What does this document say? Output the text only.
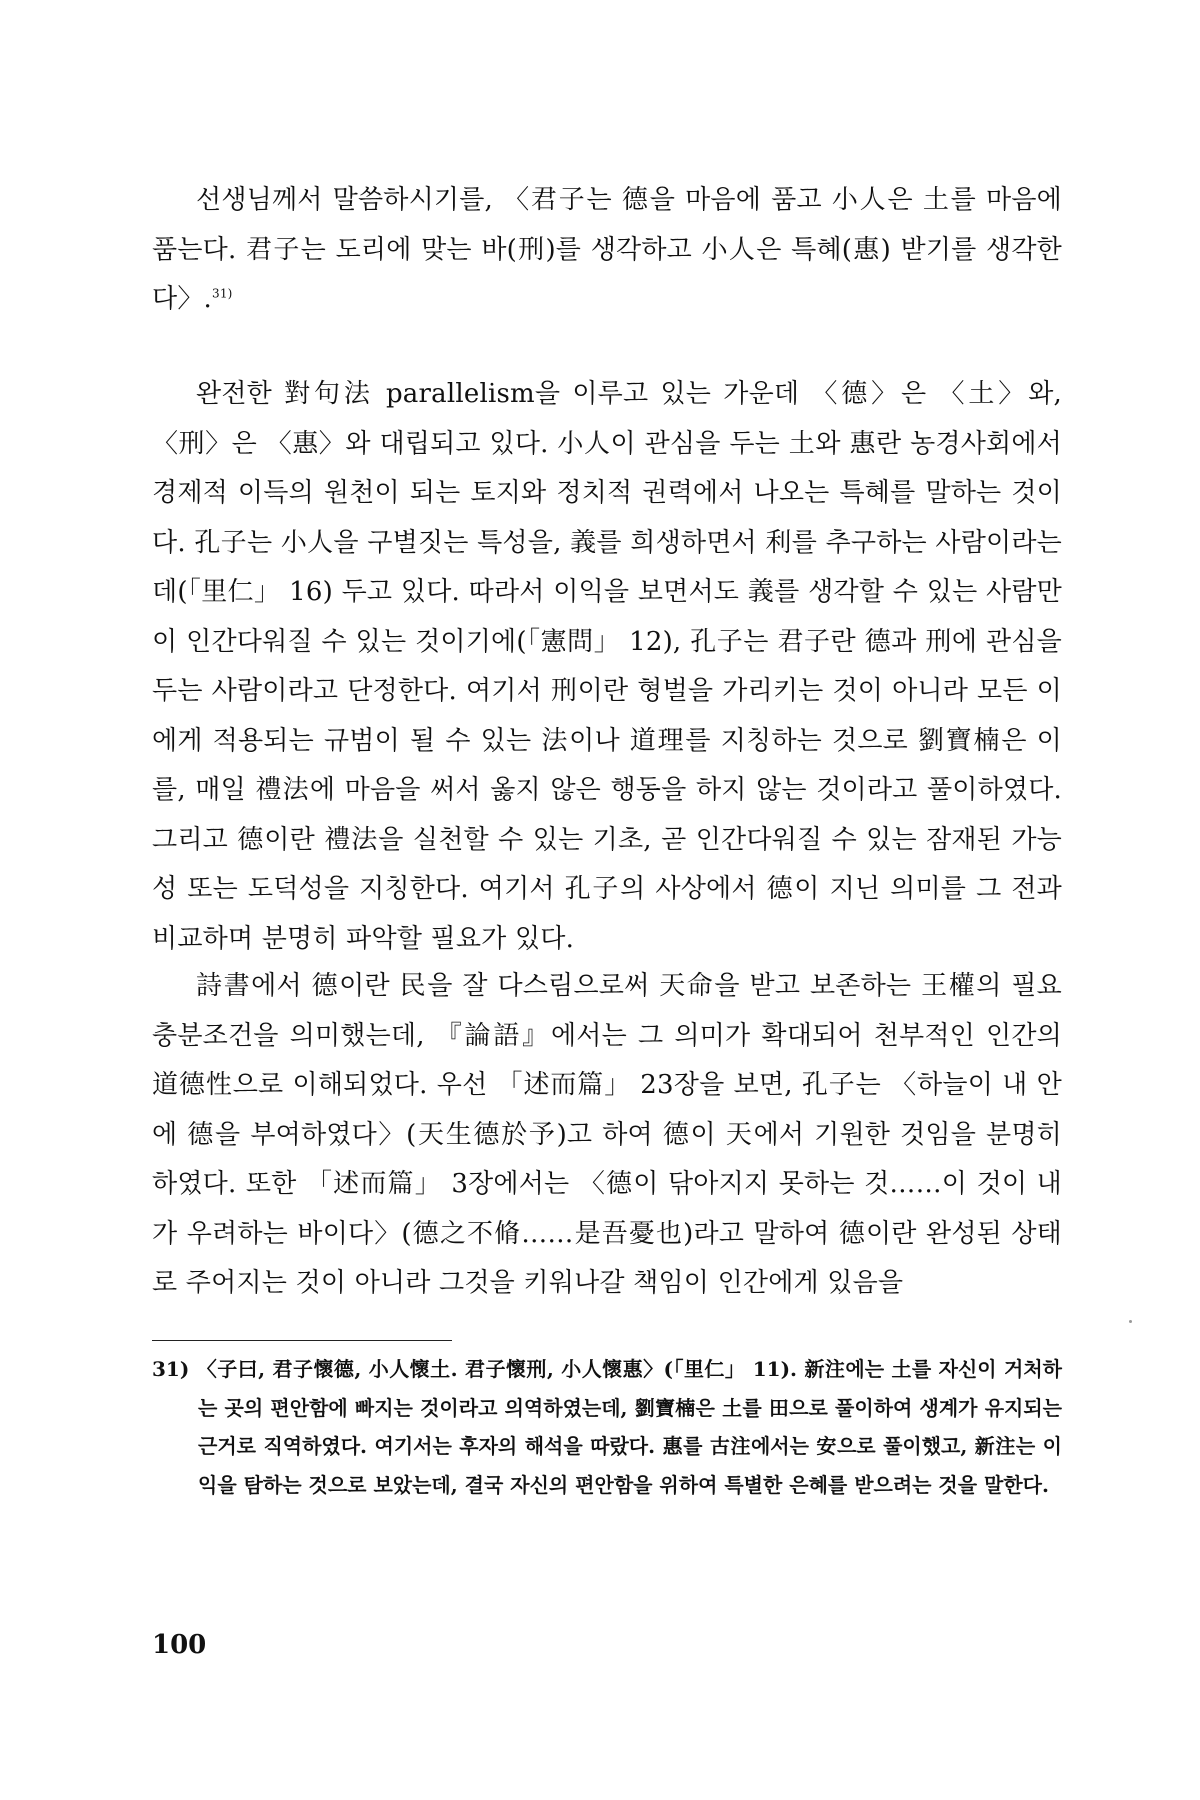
선생님께서 말씀하시기를, 〈君子는 德을 마음에 품고 小人은 土를 마음에 품는다. 君子는 도리에 맞는 바(刑)를 생각하고 小人은 특혜(惠) 받기를 생각한다〉.$^{31)}$

완전한 對句法 parallelism을 이루고 있는 가운데 〈德〉은 〈土〉와, 〈刑〉은 〈惠〉와 대립되고 있다. 小人이 관심을 두는 土와 惠란 농경사회에서 경제적 이득의 원천이 되는 토지와 정치적 권력에서 나오는 특혜를 말하는 것이다. 孔子는 小人을 구별짓는 특성을, 義를 희생하면서 利를 추구하는 사람이라는 데(「里仁」 16) 두고 있다. 따라서 이익을 보면서도 義를 생각할 수 있는 사람만이 인간다워질 수 있는 것이기에(「憲問」 12), 孔子는 君子란 德과 刑에 관심을 두는 사람이라고 단정한다. 여기서 刑이란 형벌을 가리키는 것이 아니라 모든 이에게 적용되는 규범이 될 수 있는 法이나 道理를 지칭하는 것으로 劉寶楠은 이를, 매일 禮法에 마음을 써서 옳지 않은 행동을 하지 않는 것이라고 풀이하였다. 그리고 德이란 禮法을 실천할 수 있는 기초, 곧 인간다워질 수 있는 잠재된 가능성 또는 도덕성을 지칭한다. 여기서 孔子의 사상에서 德이 지닌 의미를 그 전과 비교하며 분명히 파악할 필요가 있다.

詩書에서 德이란 民을 잘 다스림으로써 天命을 받고 보존하는 王權의 필요충분조건을 의미했는데, 『論語』에서는 그 의미가 확대되어 천부적인 인간의 道德性으로 이해되었다. 우선 「述而篇」 23장을 보면, 孔子는 〈하늘이 내 안에 德을 부여하였다〉(天生德於予)고 하여 德이 天에서 기원한 것임을 분명히 하였다. 또한 「述而篇」 3장에서는 〈德이 닦아지지 못하는 것……이 것이 내가 우려하는 바이다〉(德之不脩……是吾憂也)라고 말하여 德이란 완성된 상태로 주어지는 것이 아니라 그것을 키워나갈 책임이 인간에게 있음을

31) 〈子曰, 君子懷德, 小人懷土. 君子懷刑, 小人懷惠〉(「里仁」 11). 新注에는 土를 자신이 거처하는 곳의 편안함에 빠지는 것이라고 의역하였는데, 劉寶楠은 土를 田으로 풀이하여 생계가 유지되는 근거로 직역하였다. 여기서는 후자의 해석을 따랐다. 惠를 古注에서는 安으로 풀이했고, 新注는 이익을 탐하는 것으로 보았는데, 결국 자신의 편안함을 위하여 특별한 은혜를 받으려는 것을 말한다.

100
